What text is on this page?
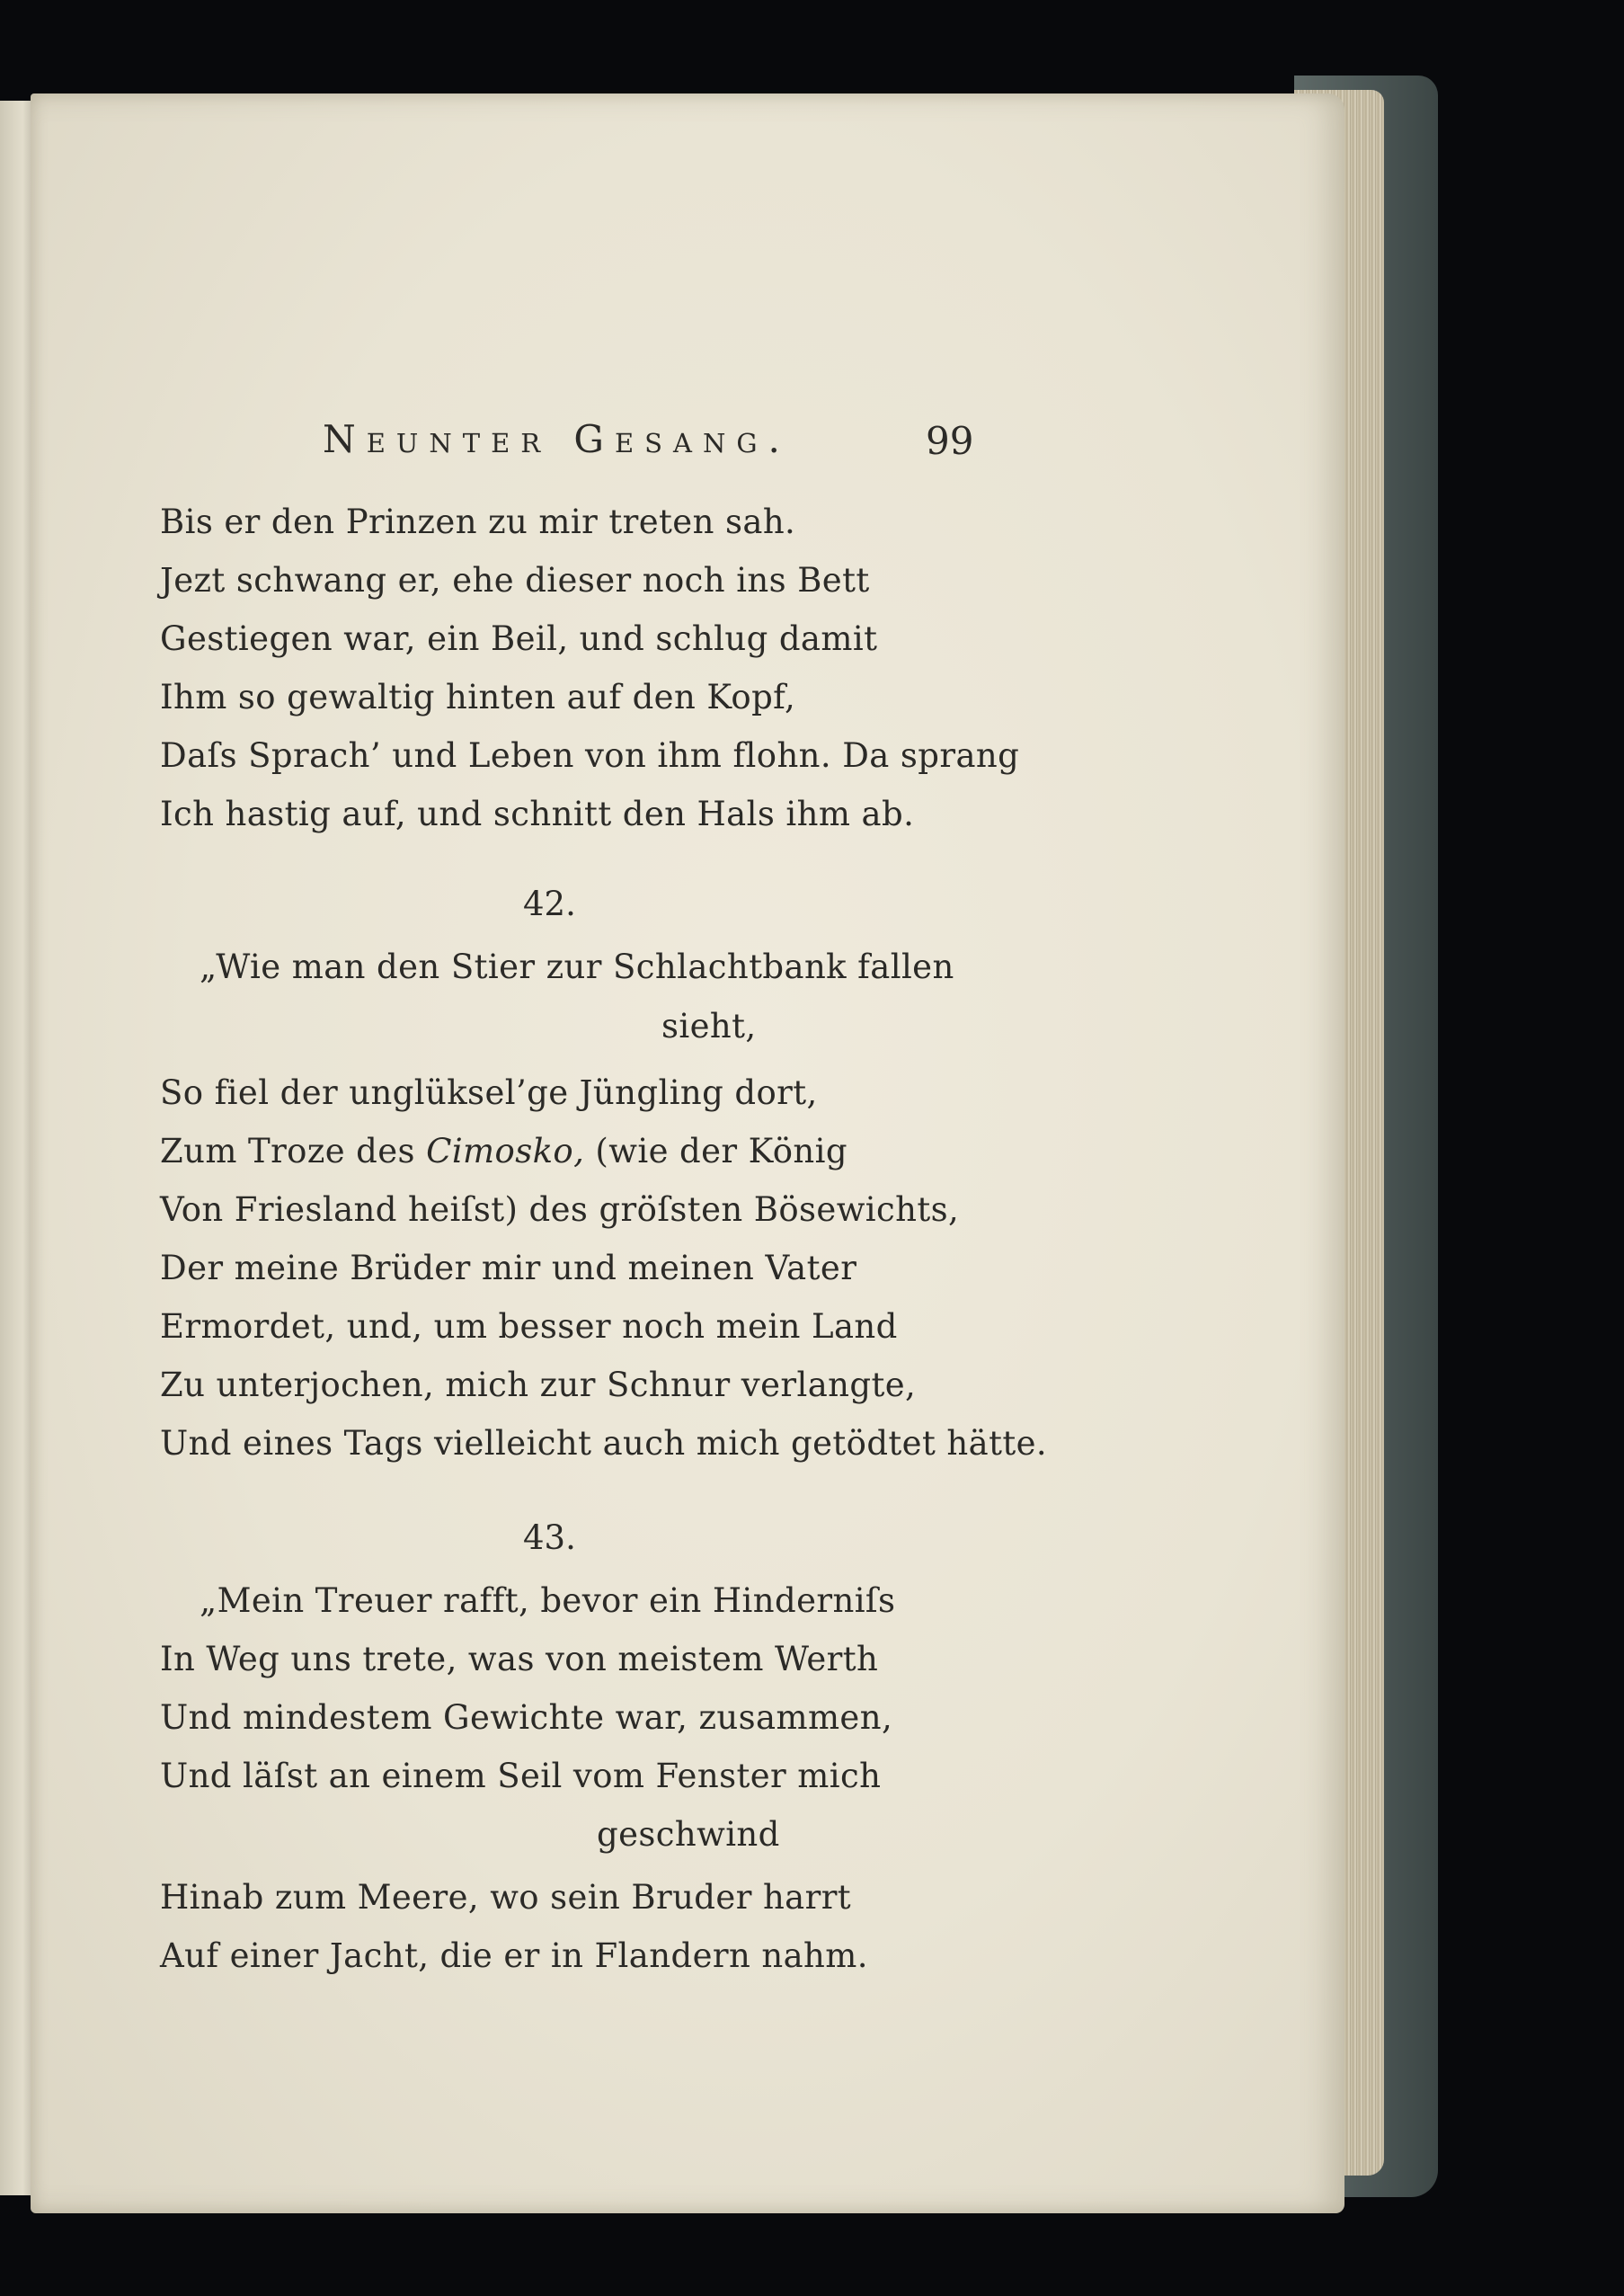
Neunter Gesang.	99
Bis er den Prinzen zu mir treten sah.
Jezt schwang er, ehe dieser noch ins Bett
Gestiegen war, ein Beil, und schlug damit
Ihm so gewaltig hinten auf den Kopf,
Daſs Sprach’ und Leben von ihm flohn. Da sprang
Ich hastig auf, und schnitt den Hals ihm ab.
42.
„Wie man den Stier zur Schlachtbank fallen
sieht,
So fiel der unglüksel’ge Jüngling dort,
Zum Troze des Cimosko, (wie der König
Von Friesland heiſst) des gröſsten Bösewichts,
Der meine Brüder mir und meinen Vater
Ermordet, und, um besser noch mein Land
Zu unterjochen, mich zur Schnur verlangte,
Und eines Tags vielleicht auch mich getödtet hätte.
43.
„Mein Treuer rafft, bevor ein Hinderniſs
In Weg uns trete, was von meistem Werth
Und mindestem Gewichte war, zusammen,
Und läſst an einem Seil vom Fenster mich
geschwind
Hinab zum Meere, wo sein Bruder harrt
Auf einer Jacht, die er in Flandern nahm.
